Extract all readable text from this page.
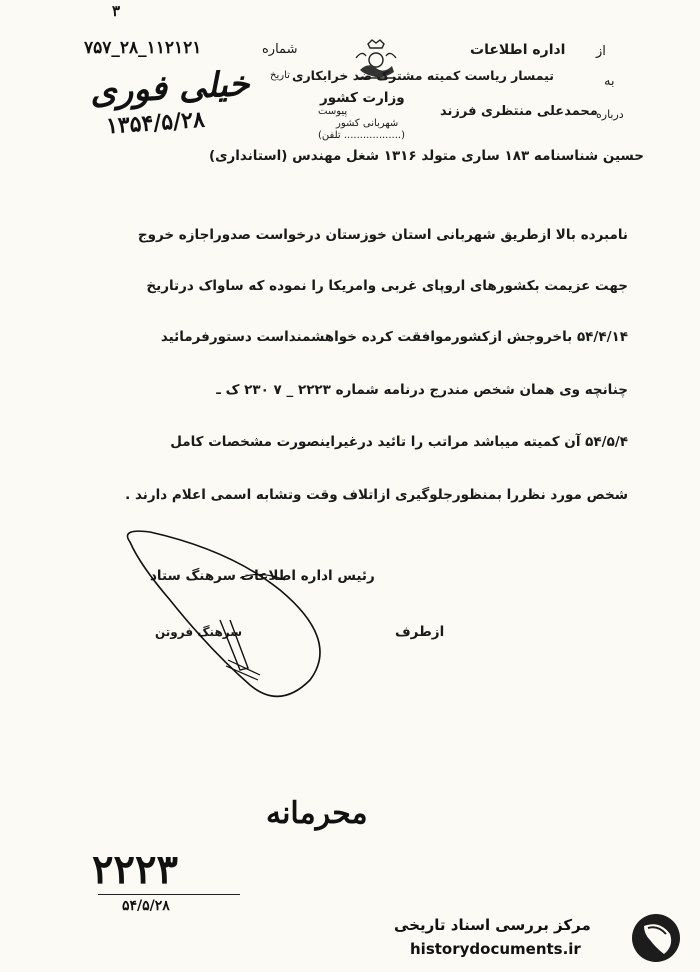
۳
۷۵۷_۲۸_۱۱۲۱۲۱	شماره	از
اداره اطلاعات
به
تیمسار ریاست کمیته مشترک ضد خرابکاری
تاریخ
وزارت کشور
درباره
محمدعلی منتظری فرزند
پیوست
شهربانی کشور
(تلفن ..................)
خیلی فوری
۱۳۵۴/۵/۲۸
حسین شناسنامه ۱۸۳ ساری متولد ۱۳۱۶ شغل مهندس (استانداری)
نامبرده بالا ازطریق شهربانی استان خوزستان درخواست صدوراجازه خروج
جهت عزیمت بکشورهای اروپای غربی وامریکا را نموده که ساواک درتاریخ
۵۴/۴/۱۴ باخروجش ازکشورموافقت کرده خواهشمنداست دستورفرمائید
چنانچه وی همان شخص مندرج درنامه شماره ۲۲۲۳ _ ۷ ۲۳۰ ک ـ
۵۴/۵/۴ آن کمیته میباشد مراتب را تائید درغیراینصورت مشخصات کامل
شخص مورد نظررا بمنظورجلوگیری ازاتلاف وقت وتشابه اسمی اعلام دارند .
رئیس اداره اطلاعات سرهنگ ستاد
سرهنگ فروتن	ازطرف
محرمانه
۲۲۲۳
۵۴/۵/۲۸
مرکز بررسی اسناد تاریخی
historydocuments.ir
